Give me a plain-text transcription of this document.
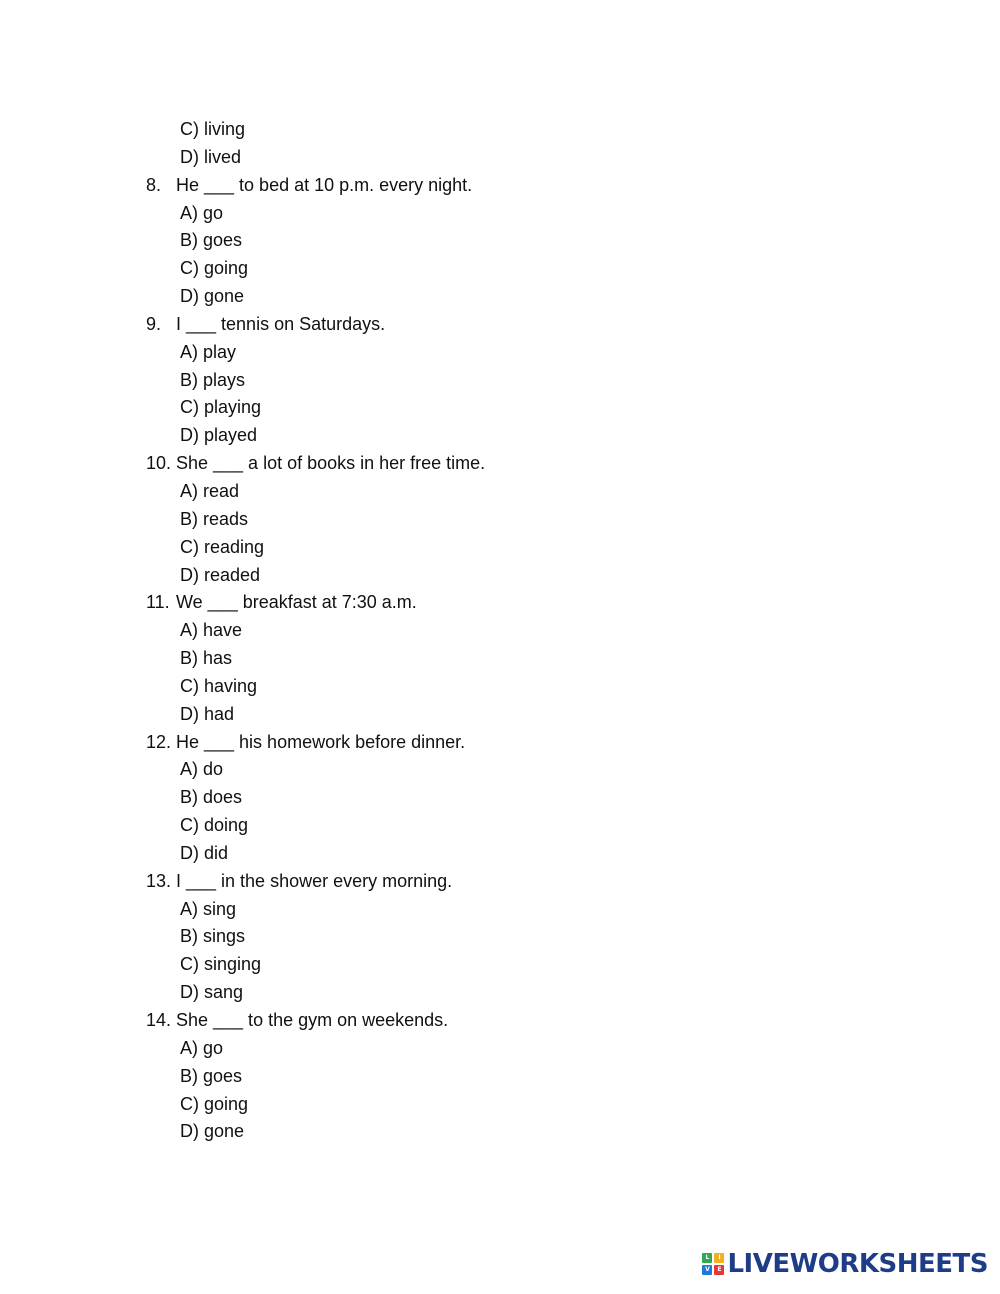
C) living
D) lived
8. He ___ to bed at 10 p.m. every night.
A) go
B) goes
C) going
D) gone
9. I ___ tennis on Saturdays.
A) play
B) plays
C) playing
D) played
10. She ___ a lot of books in her free time.
A) read
B) reads
C) reading
D) readed
11. We ___ breakfast at 7:30 a.m.
A) have
B) has
C) having
D) had
12. He ___ his homework before dinner.
A) do
B) does
C) doing
D) did
13. I ___ in the shower every morning.
A) sing
B) sings
C) singing
D) sang
14. She ___ to the gym on weekends.
A) go
B) goes
C) going
D) gone
L	I
V	E LIVEWORKSHEETS
